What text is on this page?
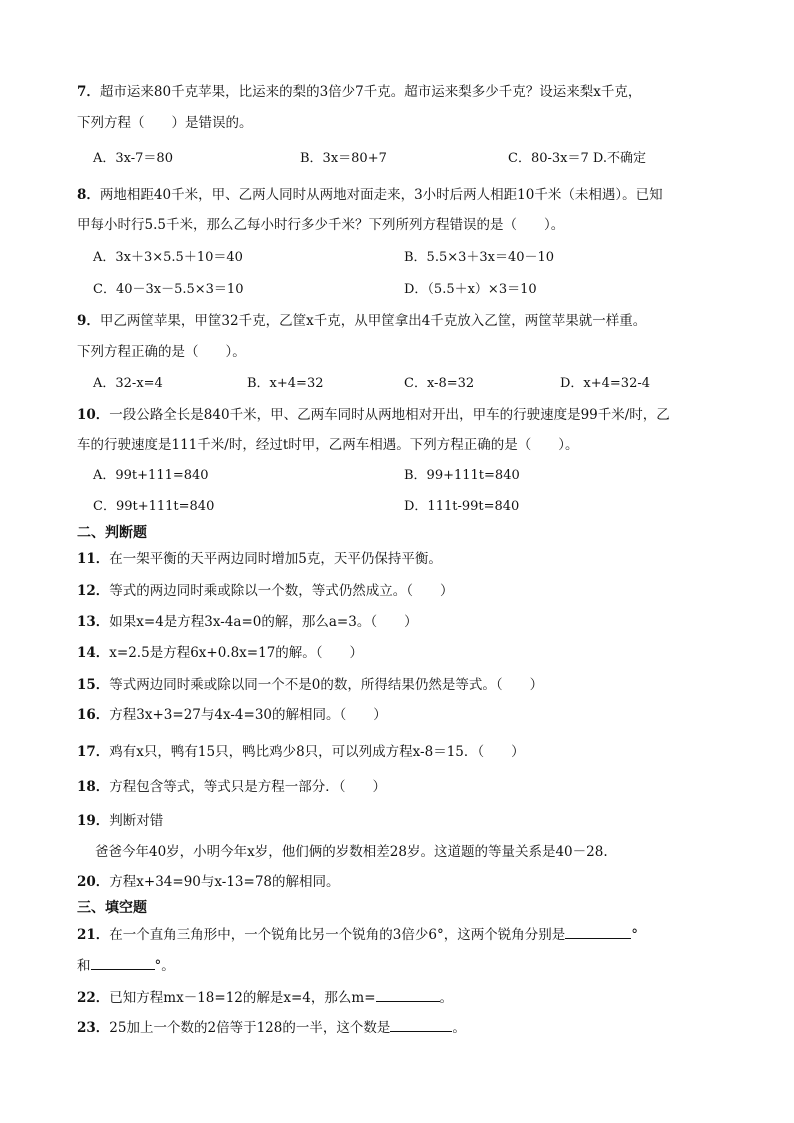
7．超市运来80千克苹果，比运来的梨的3倍少7千克。超市运来梨多少千克？设运来梨x千克，
下列方程（　　）是错误的。
A．3x-7＝80	B．3x＝80+7	C．80-3x＝7 D.不确定
8．两地相距40千米，甲、乙两人同时从两地对面走来，3小时后两人相距10千米（未相遇）。已知
甲每小时行5.5千米，那么乙每小时行多少千米？下列所列方程错误的是（　　）。
A．3x＋3×5.5＋10＝40	B．5.5×3＋3x＝40－10
C．40－3x－5.5×3＝10	D．（5.5＋x）×3＝10
9．甲乙两筐苹果，甲筐32千克，乙筐x千克，从甲筐拿出4千克放入乙筐，两筐苹果就一样重。
下列方程正确的是（　　）。
A．32-x=4	B．x+4=32	C．x-8=32	D．x+4=32-4
10．一段公路全长是840千米，甲、乙两车同时从两地相对开出，甲车的行驶速度是99千米/时，乙
车的行驶速度是111千米/时，经过t时甲，乙两车相遇。下列方程正确的是（　　）。
A．99t+111=840	B．99+111t=840
C．99t+111t=840	D．111t-99t=840
二、判断题
11．在一架平衡的天平两边同时增加5克，天平仍保持平衡。
12．等式的两边同时乘或除以一个数，等式仍然成立。（　　）
13．如果x=4是方程3x-4a=0的解，那么a=3。（　　）
14．x=2.5是方程6x+0.8x=17的解。（　　）
15．等式两边同时乘或除以同一个不是0的数，所得结果仍然是等式。（　　）
16．方程3x+3=27与4x-4=30的解相同。（　　）
17．鸡有x只，鸭有15只，鸭比鸡少8只，可以列成方程x-8＝15．（　　）
18．方程包含等式，等式只是方程一部分．（　　）
19．判断对错
爸爸今年40岁，小明今年x岁，他们俩的岁数相差28岁。这道题的等量关系是40－28.
20．方程x+34=90与x-13=78的解相同。
三、填空题
21．在一个直角三角形中，一个锐角比另一个锐角的3倍少6°，这两个锐角分别是	°
和	°。
22．已知方程mx－18=12的解是x=4，那么m=	。
23．25加上一个数的2倍等于128的一半，这个数是	。
